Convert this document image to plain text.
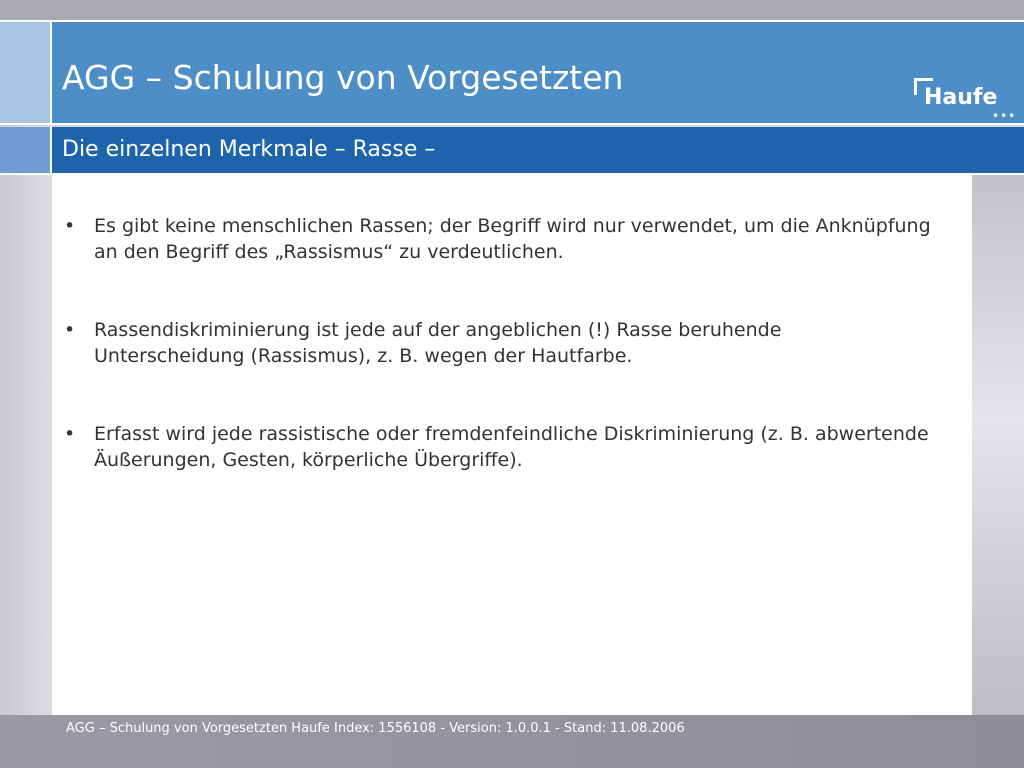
AGG – Schulung von Vorgesetzten
Haufe
•••
Die einzelnen Merkmale – Rasse –
• Es gibt keine menschlichen Rassen; der Begriff wird nur verwendet, um die Anknüpfung an den Begriff des „Rassismus“ zu verdeutlichen.
• Rassendiskriminierung ist jede auf der angeblichen (!) Rasse beruhende Unterscheidung (Rassismus), z. B. wegen der Hautfarbe.
• Erfasst wird jede rassistische oder fremdenfeindliche Diskriminierung (z. B. abwertende Äußerungen, Gesten, körperliche Übergriffe).
AGG – Schulung von Vorgesetzten Haufe Index: 1556108 - Version: 1.0.0.1 - Stand: 11.08.2006
